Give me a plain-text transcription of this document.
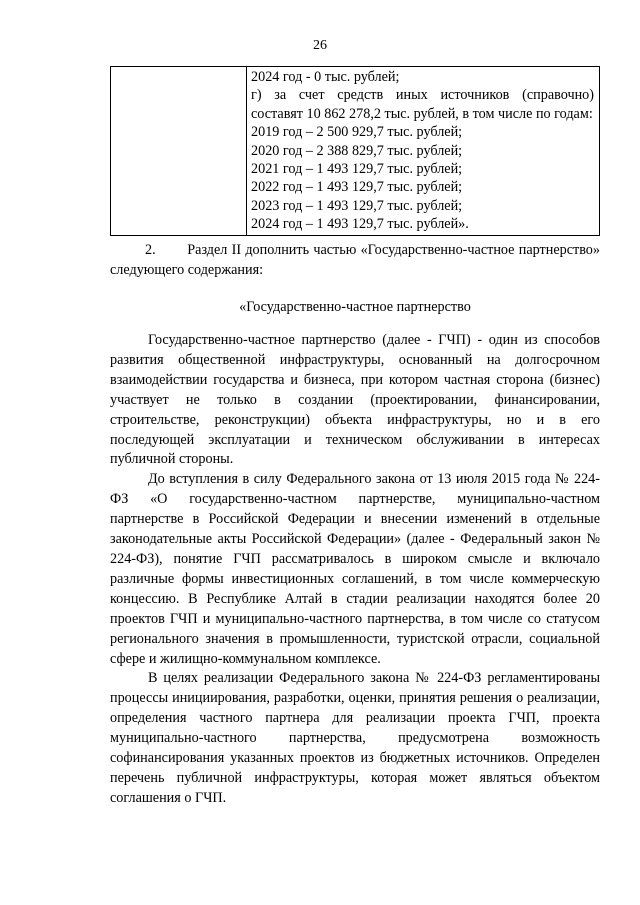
26
2024 год - 0 тыс. рублей;
г) за счет средств иных источников (справочно) составят 10 862 278,2 тыс. рублей, в том числе по годам:
2019 год – 2 500 929,7 тыс. рублей;
2020 год – 2 388 829,7 тыс. рублей;
2021 год – 1 493 129,7 тыс. рублей;
2022 год – 1 493 129,7 тыс. рублей;
2023 год – 1 493 129,7 тыс. рублей;
2024 год – 1 493 129,7 тыс. рублей».
2. Раздел II дополнить частью «Государственно-частное партнерство» следующего содержания:
«Государственно-частное партнерство

Государственно-частное партнерство (далее - ГЧП) - один из способов развития общественной инфраструктуры, основанный на долгосрочном взаимодействии государства и бизнеса, при котором частная сторона (бизнес) участвует не только в создании (проектировании, финансировании, строительстве, реконструкции) объекта инфраструктуры, но и в его последующей эксплуатации и техническом обслуживании в интересах публичной стороны.

До вступления в силу Федерального закона от 13 июля 2015 года № 224-ФЗ «О государственно-частном партнерстве, муниципально-частном партнерстве в Российской Федерации и внесении изменений в отдельные законодательные акты Российской Федерации» (далее - Федеральный закон № 224-ФЗ), понятие ГЧП рассматривалось в широком смысле и включало различные формы инвестиционных соглашений, в том числе коммерческую концессию. В Республике Алтай в стадии реализации находятся более 20 проектов ГЧП и муниципально-частного партнерства, в том числе со статусом регионального значения в промышленности, туристской отрасли, социальной сфере и жилищно-коммунальном комплексе.

В целях реализации Федерального закона № 224-ФЗ регламентированы процессы инициирования, разработки, оценки, принятия решения о реализации, определения частного партнера для реализации проекта ГЧП, проекта муниципально-частного партнерства, предусмотрена возможность софинансирования указанных проектов из бюджетных источников. Определен перечень публичной инфраструктуры, которая может являться объектом соглашения о ГЧП.
